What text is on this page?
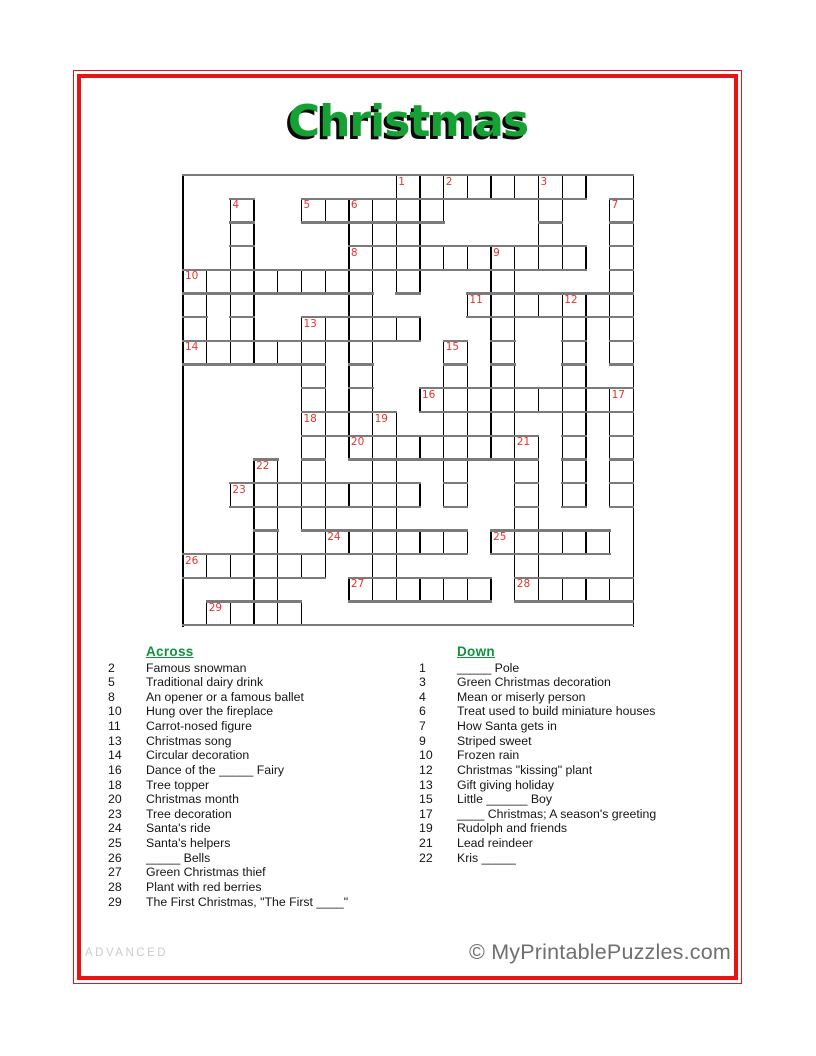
Christmas
1	2	3
4	5	6	7
8	9
10
11	12
13
14	15
16	17
18	19
20	21
22
23
24	25
26
27	28
29
Across
2	Famous snowman
5	Traditional dairy drink
8	An opener or a famous ballet
10	Hung over the fireplace
11	Carrot-nosed figure
13	Christmas song
14	Circular decoration
16	Dance of the _____ Fairy
18	Tree topper
20	Christmas month
23	Tree decoration
24	Santa's ride
25	Santa's helpers
26	_____ Bells
27	Green Christmas thief
28	Plant with red berries
29	The First Christmas, "The First ____"
Down
1	_____ Pole
3	Green Christmas decoration
4	Mean or miserly person
6	Treat used to build miniature houses
7	How Santa gets in
9	Striped sweet
10	Frozen rain
12	Christmas "kissing" plant
13	Gift giving holiday
15	Little ______ Boy
17	____ Christmas; A season's greeting
19	Rudolph and friends
21	Lead reindeer
22	Kris _____
ADVANCED	© MyPrintablePuzzles.com
